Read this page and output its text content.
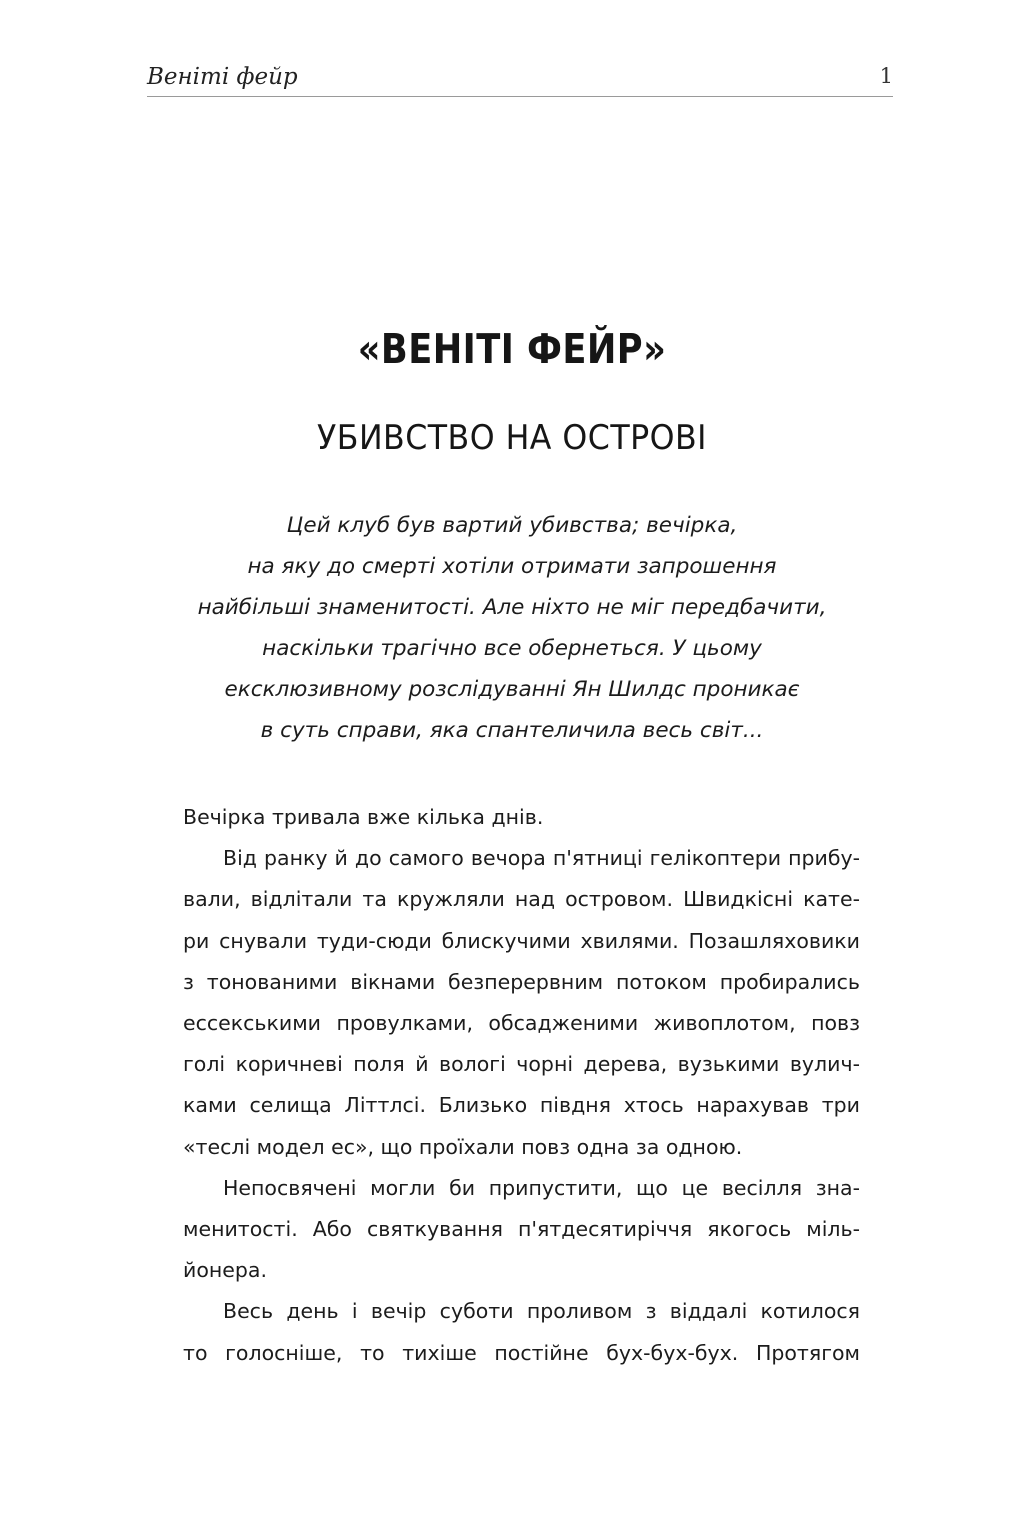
Веніті фейр	1
«ВЕНІТІ ФЕЙР»
УБИВСТВО НА ОСТРОВІ
Цей клуб був вартий убивства; вечірка,
на яку до смерті хотіли отримати запрошення
найбільші знаменитості. Але ніхто не міг передбачити,
наскільки трагічно все обернеться. У цьому
ексклюзивному розслідуванні Ян Шилдс проникає
в суть справи, яка спантеличила весь світ...
Вечірка тривала вже кілька днів.
Від ранку й до самого вечора п'ятниці гелікоптери прибу-
вали, відлітали та кружляли над островом. Швидкісні кате-
ри снували туди-сюди блискучими хвилями. Позашляховики
з тонованими вікнами безперервним потоком пробирались
ессекськими провулками, обсадженими живоплотом, повз
голі коричневі поля й вологі чорні дерева, вузькими вулич-
ками селища Літтлсі. Близько півдня хтось нарахував три
«теслі модел ес», що проїхали повз одна за одною.
Непосвячені могли би припустити, що це весілля зна-
менитості. Або святкування п'ятдесятиріччя якогось міль-
йонера.
Весь день і вечір суботи проливом з віддалі котилося
то голосніше, то тихіше постійне бух-бух-бух. Протягом
